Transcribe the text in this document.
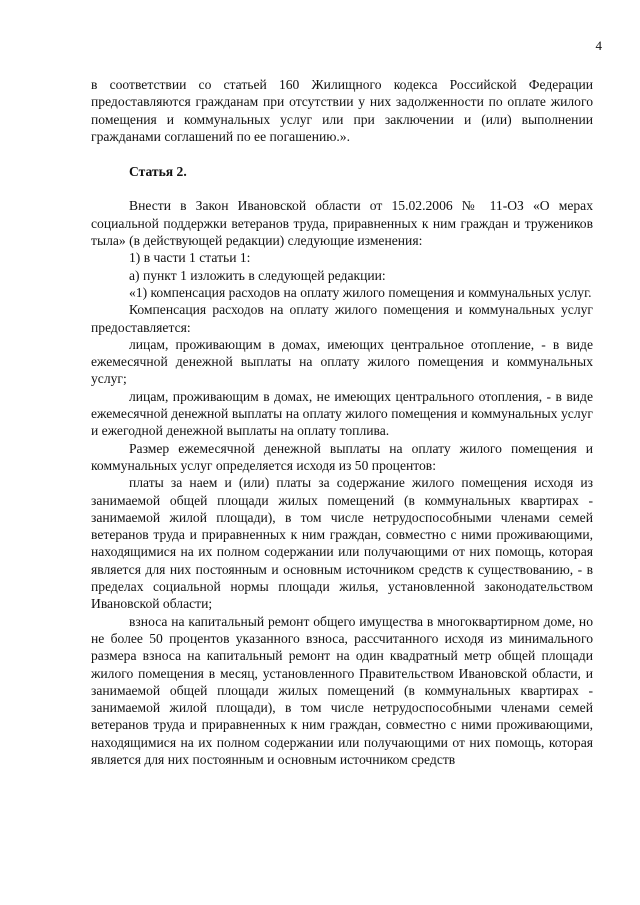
4

в соответствии со статьей 160 Жилищного кодекса Российской Федерации предоставляются гражданам при отсутствии у них задолженности по оплате жилого помещения и коммунальных услуг или при заключении и (или) выполнении гражданами соглашений по ее погашению.».

Статья 2.

Внести в Закон Ивановской области от 15.02.2006 № 11-ОЗ «О мерах социальной поддержки ветеранов труда, приравненных к ним граждан и тружеников тыла» (в действующей редакции) следующие изменения:

1) в части 1 статьи 1:

а) пункт 1 изложить в следующей редакции:

«1) компенсация расходов на оплату жилого помещения и коммунальных услуг.

Компенсация расходов на оплату жилого помещения и коммунальных услуг предоставляется:

лицам, проживающим в домах, имеющих центральное отопление, - в виде ежемесячной денежной выплаты на оплату жилого помещения и коммунальных услуг;

лицам, проживающим в домах, не имеющих центрального отопления, - в виде ежемесячной денежной выплаты на оплату жилого помещения и коммунальных услуг и ежегодной денежной выплаты на оплату топлива.

Размер ежемесячной денежной выплаты на оплату жилого помещения и коммунальных услуг определяется исходя из 50 процентов:

платы за наем и (или) платы за содержание жилого помещения исходя из занимаемой общей площади жилых помещений (в коммунальных квартирах - занимаемой жилой площади), в том числе нетрудоспособными членами семей ветеранов труда и приравненных к ним граждан, совместно с ними проживающими, находящимися на их полном содержании или получающими от них помощь, которая является для них постоянным и основным источником средств к существованию, - в пределах социальной нормы площади жилья, установленной законодательством Ивановской области;

взноса на капитальный ремонт общего имущества в многоквартирном доме, но не более 50 процентов указанного взноса, рассчитанного исходя из минимального размера взноса на капитальный ремонт на один квадратный метр общей площади жилого помещения в месяц, установленного Правительством Ивановской области, и занимаемой общей площади жилых помещений (в коммунальных квартирах - занимаемой жилой площади), в том числе нетрудоспособными членами семей ветеранов труда и приравненных к ним граждан, совместно с ними проживающими, находящимися на их полном содержании или получающими от них помощь, которая является для них постоянным и основным источником средств
